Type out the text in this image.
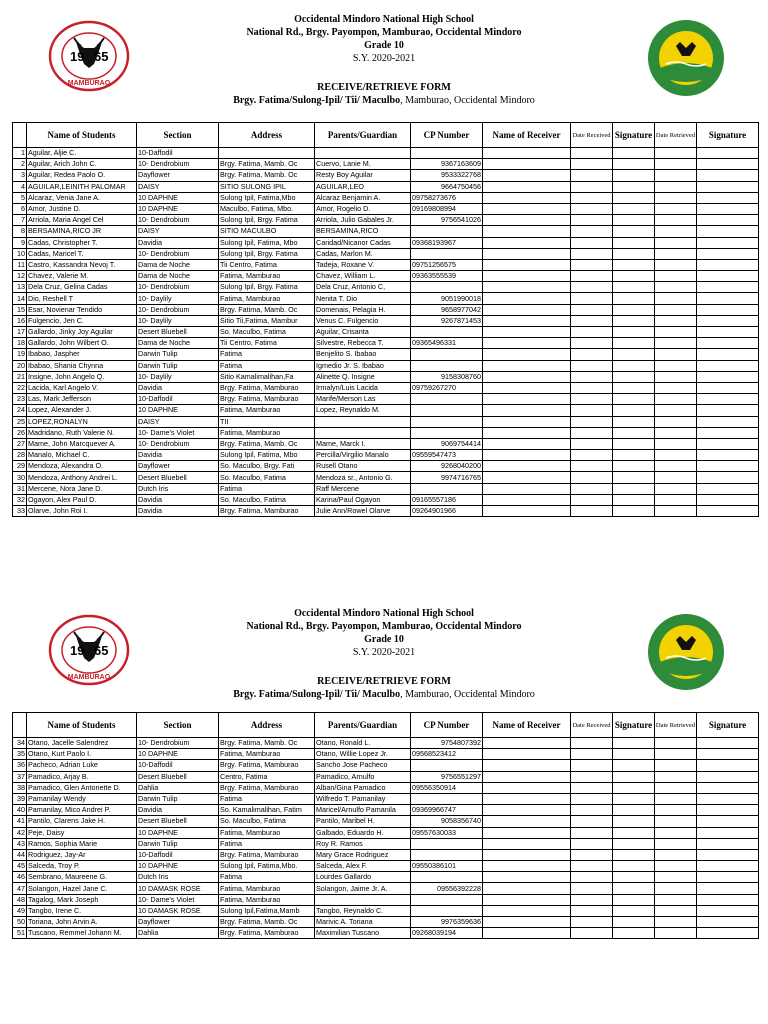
19 65
MAMBURAO
Occidental Mindoro National High School
National Rd., Brgy. Payompon, Mamburao, Occidental Mindoro
Grade 10
S.Y. 2020-2021
RECEIVE/RETRIEVE FORM
Brgy. Fatima/Sulong-Ipil/ Tii/ Maculbo, Mamburao, Occidental Mindoro
	Name of Students	Section	Address	Parents/Guardian	CP Number	Name of Receiver	Date Received	Signature	Date Retrieved	Signature
1	Aguilar, Aljie C.	10-Daffodil								
2	Aguilar, Arich John C.	10- Dendrobium	Brgy. Fatima, Mamb. Oc	Cuervo, Lanie M.	9367163609					
3	Aguilar, Redea Paolo O.	Dayflower	Brgy. Fatima, Mamb. Oc	Resty Boy Aguilar	9533322768					
4	AGUILAR,LEINITH PALOMAR	DAISY	SITIO SULONG IPIL	AGUILAR,LEO	9664750456					
5	Alcaraz, Venia Jane A.	10 DAPHNE	Sulong Ipil, Fatima,Mbo	Alcaraz Benjamin A.	09758273676					
6	Amor, Justine D.	10 DAPHNE	Maculbo, Fatima, Mbo.	Amor, Rogelio D.	09169808994					
7	Arriola, Maria Angel Cel	10- Dendrobium	Sulong Ipil, Brgy. Fatima	Arriola, Julio Gabales Jr.	9756541026					
8	BERSAMINA,RICO JR	DAISY	SITIO MACULBO	BERSAMINA,RICO						
9	Cadas, Christopher T.	Davidia	Sulong Ipil, Fatima, Mbo	Caridad/Nicanor Cadas	09368193967					
10	Cadas, Maricel T.	10- Dendrobium	Sulong Ipil, Brgy. Fatima	Cadas, Marlon M.						
11	Castro, Kassandra Nevoj T.	Dama de Noche	Tii Centro, Fatima	Tadeja, Roxane V.	09751256575					
12	Chavez, Valerie M.	Dama de Noche	Fatima, Mamburao	Chavez, William L.	09363555539					
13	Dela Cruz, Gelina Cadas	10- Dendrobium	Sulong Ipil, Brgy. Fatima	Dela Cruz, Antonio C,						
14	Dio, Reshell T	10- Daylily	Fatima, Mamburao	Nenita T. Dio	9051990018					
15	Esar, Novienar Tendido	10- Dendrobium	Brgy. Fatima, Mamb. Oc	Domenais, Pelagia H.	9658977042					
16	Fulgencio, Jen C.	10- Daylily	Sitio Tii,Fatima, Mambur	Venus C. Fulgencio	9267871453					
17	Gallardo, Jinky Joy Aguilar	Desert Bluebell	So. Maculbo, Fatima	Aguilar, Crisanta						
18	Gallardo, John Wilbert O.	Dama de Noche	Tii Centro, Fatima	Silvestre, Rebecca T.	09365496331					
19	Ibabao, Jaspher	Darwin Tulip	Fatima	Benjelito S. Ibabao						
20	Ibabao, Shania Chynna	Darwin Tulip	Fatima	Igmedio Jr. S. Ibabao						
21	Insigne, John Angelo Q.	10- Daylily	Sitio Kamalimalihan,Fa	Alinette Q. Insigne	9158308760					
22	Lacida, Karl Angelo V.	Davidia	Brgy. Fatima, Mamburao	Irmalyn/Luis Lacida	09759267270					
23	Las, Mark Jefferson	10-Daffodil	Brgy. Fatima, Mamburao	Marife/Merson Las						
24	Lopez, Alexander J.	10 DAPHNE	Fatima, Mamburao	Lopez, Reynaldo M.						
25	LOPEZ,RONALYN	DAISY	TII							
26	Madridano, Ruth Valerie N.	10- Dame's Violet	Fatima, Mamburao							
27	Mame, John Marcquever A.	10- Dendrobium	Brgy. Fatima, Mamb. Oc	Mame, Marck I.	9069754414					
28	Manalo, Michael C.	Davidia	Sulong Ipil, Fatima, Mbo	Percilla/Virgilio Manalo	09559547473					
29	Mendoza, Alexandra O.	Dayflower	So. Maculbo, Brgy. Fati	Rusell Otano	9268040200					
30	Mendoza, Anthony Andrei L.	Desert Bluebell	So. Maculbo, Fatima	Mendoza sr., Antonio G.	9974716765					
31	Mercene, Nora Jane D.	Dutch Iris	Fatima	Raff Mercene						
32	Ogayon, Alex Paul D.	Davidia	So. Maculbo, Fatima	Karina/Paul Ogayon	09165557186					
33	Olarve, John Roi I.	Davidia	Brgy. Fatima, Mamburao	Julie Ann/Rowel Olarve	09264901966					
19 65
MAMBURAO
Occidental Mindoro National High School
National Rd., Brgy. Payompon, Mamburao, Occidental Mindoro
Grade 10
S.Y. 2020-2021
RECEIVE/RETRIEVE FORM
Brgy. Fatima/Sulong-Ipil/ Tii/ Maculbo, Mamburao, Occidental Mindoro
	Name of Students	Section	Address	Parents/Guardian	CP Number	Name of Receiver	Date Received	Signature	Date Retrieved	Signature
34	Otano, Jacelle Salendrez	10- Dendrobium	Brgy. Fatima, Mamb. Oc	Otano, Ronald L.	9754807392					
35	Otano, Kurt Paolo I.	10 DAPHNE	Fatima, Mamburao	Otano, Willie Lopez Jr.	09568523412					
36	Pacheco, Adrian Luke	10-Daffodil	Brgy. Fatima, Mamburao	Sancho Jose Pacheco						
37	Pamadico, Arjay B.	Desert Bluebell	Centro, Fatima	Pamadico, Arnulfo	9756551297					
38	Pamadico, Glen Antonette D.	Dahlia	Brgy. Fatima, Mamburao	Alban/Gina Pamadico	09556350914					
39	Pamanilay Wendy	Darwin Tulip	Fatima	Wilfredo T. Pamanilay						
40	Pamanilay, Mico Andrei P.	Davidia	So. Kamalimalihan, Fatim	Maricel/Arnulfo Pamanila	09369966747					
41	Pantilo, Clarens Jake H.	Desert Bluebell	So. Maculbo, Fatima	Pantilo, Maribel H.	9058356740					
42	Peje, Daisy	10 DAPHNE	Fatima, Mamburao	Galbado, Eduardo H.	09557630033					
43	Ramos, Sophia Marie	Darwin Tulip	Fatima	Roy R. Ramos						
44	Rodriguez, Jay-Ar	10-Daffodil	Brgy. Fatima, Mamburao	Mary Grace Rodriguez						
45	Salceda, Troy P.	10 DAPHNE	Sulong Ipil, Fatima,Mbo.	Salceda, Alex F.	09550386101					
46	Sembrano, Maureene G.	Dutch Iris	Fatima	Lourdes Gallardo						
47	Solangon, Hazel Jane C.	10 DAMASK ROSE	Fatima, Mamburao	Solangon, Jaime Jr. A.	09556392228					
48	Tagalog, Mark Joseph	10- Dame's Violet	Fatima, Mamburao							
49	Tangbo, Irene C.	10 DAMASK ROSE	Sulong Ipil,Fatima,Mamb	Tangbo, Reynaldo C.						
50	Toriana, John Arvin A.	Dayflower	Brgy. Fatima, Mamb. Oc	Marivic A. Toriana	9976359636					
51	Tuscano, Remmel Johann M.	Dahlia	Brgy. Fatima, Mamburao	Maximilian Tuscano	09268039194					
